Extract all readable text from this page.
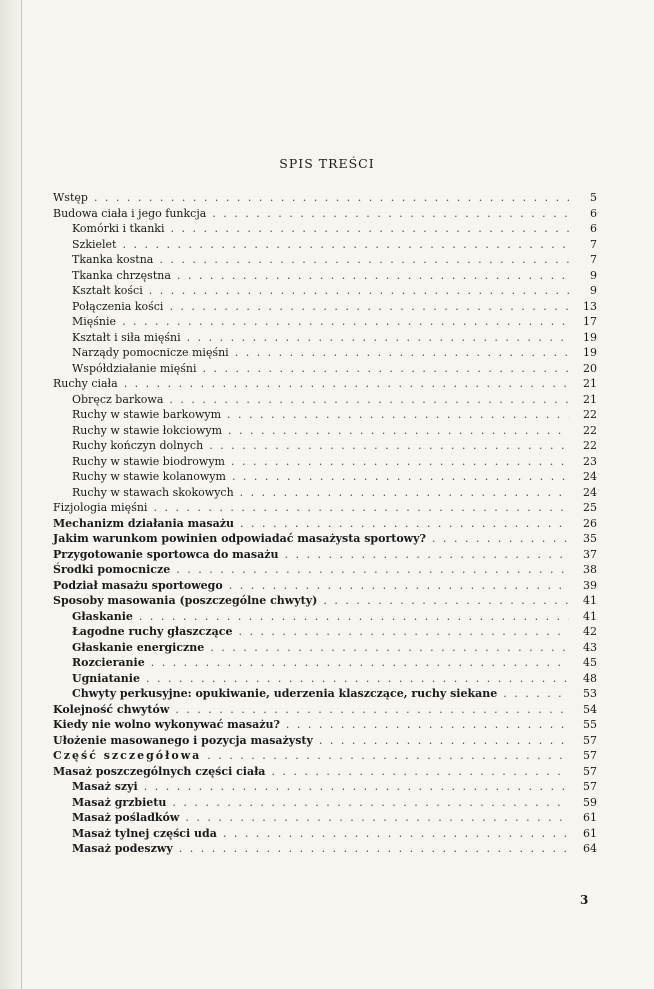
SPIS TREŚCI
Wstęp . . .	5
Budowa ciała i jego funkcja . . .	6
Komórki i tkanki . . .	6
Szkielet . . .	7
Tkanka kostna . . .	7
Tkanka chrzęstna . . .	9
Kształt kości . . .	9
Połączenia kości . . .	13
Mięśnie . . .	17
Kształt i siła mięśni . . .	19
Narządy pomocnicze mięśni . . .	19
Współdziałanie mięśni . . .	20
Ruchy ciała . . .	21
Obręcz barkowa . . .	21
Ruchy w stawie barkowym . . .	22
Ruchy w stawie łokciowym . . .	22
Ruchy kończyn dolnych . . .	22
Ruchy w stawie biodrowym . . .	23
Ruchy w stawie kolanowym . . .	24
Ruchy w stawach skokowych . . .	24
Fizjologia mięśni . . .	25
Mechanizm działania masażu . . .	26
Jakim warunkom powinien odpowiadać masażysta sportowy? . . .	35
Przygotowanie sportowca do masażu . . .	37
Środki pomocnicze . . .	38
Podział masażu sportowego . . .	39
Sposoby masowania (poszczególne chwyty) . . .	41
Głaskanie . . .	41
Łagodne ruchy głaszczące . . .	42
Głaskanie energiczne . . .	43
Rozcieranie . . .	45
Ugniatanie . . .	48
Chwyty perkusyjne: opukiwanie, uderzenia klaszczące, ruchy siekane . . .	53
Kolejność chwytów . . .	54
Kiedy nie wolno wykonywać masażu? . . .	55
Ułożenie masowanego i pozycja masażysty . . .	57
Część szczegółowa . . .	57
Masaż poszczególnych części ciała . . .	57
Masaż szyi . . .	57
Masaż grzbietu . . .	59
Masaż pośladków . . .	61
Masaż tylnej części uda . . .	61
Masaż podeszwy . . .	64
3
